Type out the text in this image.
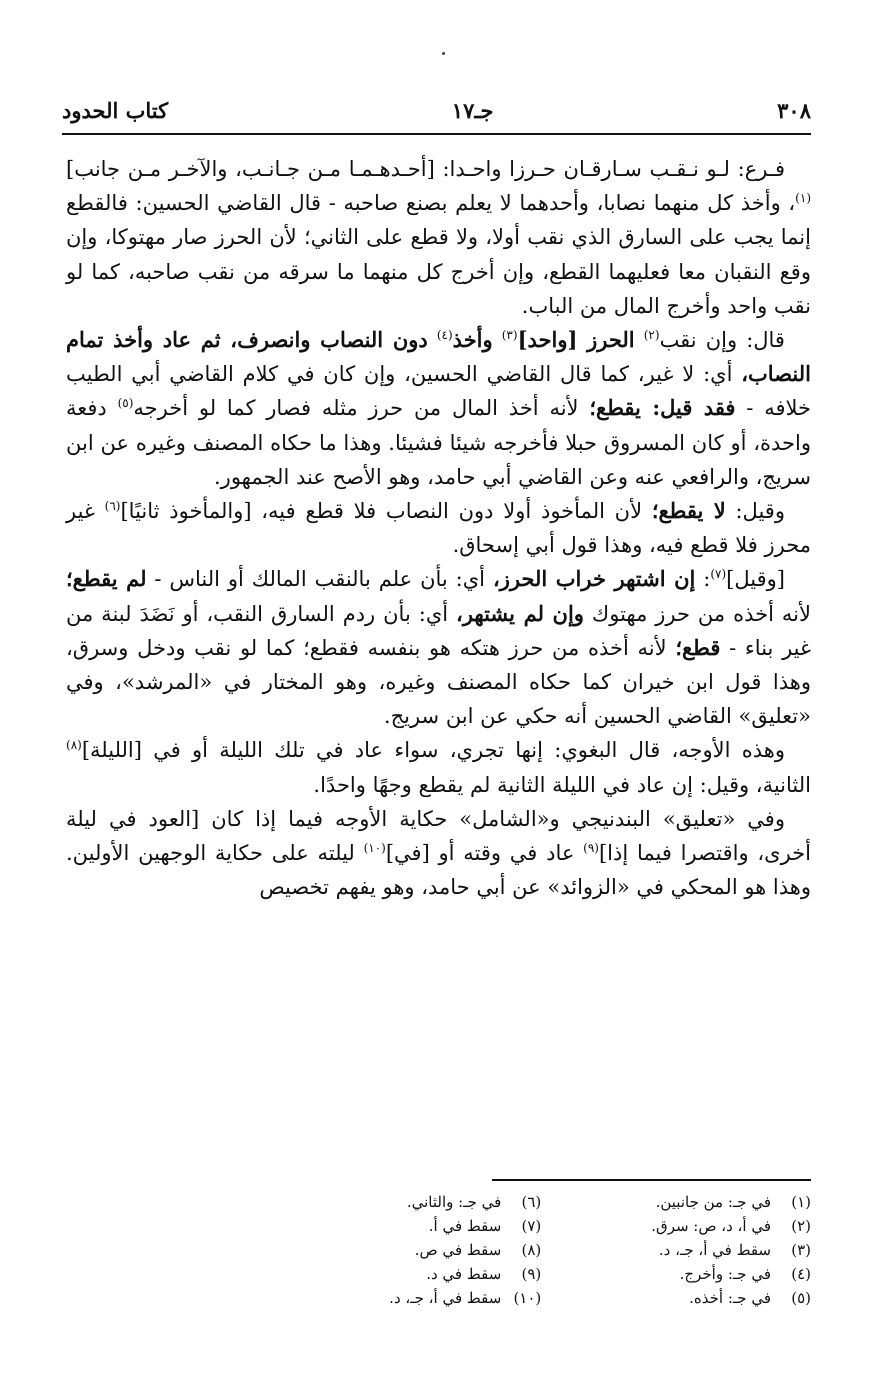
٣٠٨
جـ١٧
كتاب الحدود

فـرع: لـو نـقـب سـارقـان حـرزا واحـدا: [أحـدهـمـا مـن جـانـب، والآخـر مـن جانب]$^{(١)}$، وأخذ كل منهما نصابا، وأحدهما لا يعلم بصنع صاحبه - قال القاضي الحسين: فالقطع إنما يجب على السارق الذي نقب أولا، ولا قطع على الثاني؛ لأن الحرز صار مهتوكا، وإن وقع النقبان معا فعليهما القطع، وإن أخرج كل منهما ما سرقه من نقب صاحبه، كما لو نقب واحد وأخرج المال من الباب.

قال: وإن نقب$^{(٢)}$ الحرز [واحد]$^{(٣)}$ وأخذ$^{(٤)}$ دون النصاب وانصرف، ثم عاد وأخذ تمام النصاب، أي: لا غير، كما قال القاضي الحسين، وإن كان في كلام القاضي أبي الطيب خلافه - فقد قيل: يقطع؛ لأنه أخذ المال من حرز مثله فصار كما لو أخرجه$^{(٥)}$ دفعة واحدة، أو كان المسروق حبلا فأخرجه شيئا فشيئا. وهذا ما حكاه المصنف وغيره عن ابن سريج، والرافعي عنه وعن القاضي أبي حامد، وهو الأصح عند الجمهور.

وقيل: لا يقطع؛ لأن المأخوذ أولا دون النصاب فلا قطع فيه، [والمأخوذ ثانيًا]$^{(٦)}$ غير محرز فلا قطع فيه، وهذا قول أبي إسحاق.

[وقيل]$^{(٧)}$: إن اشتهر خراب الحرز، أي: بأن علم بالنقب المالك أو الناس - لم يقطع؛ لأنه أخذه من حرز مهتوك وإن لم يشتهر، أي: بأن ردم السارق النقب، أو نَضَدَ لبنة من غير بناء - قطع؛ لأنه أخذه من حرز هتكه هو بنفسه فقطع؛ كما لو نقب ودخل وسرق، وهذا قول ابن خيران كما حكاه المصنف وغيره، وهو المختار في «المرشد»، وفي «تعليق» القاضي الحسين أنه حكي عن ابن سريج.

وهذه الأوجه، قال البغوي: إنها تجري، سواء عاد في تلك الليلة أو في [الليلة]$^{(٨)}$ الثانية، وقيل: إن عاد في الليلة الثانية لم يقطع وجهًا واحدًا.

وفي «تعليق» البندنيجي و«الشامل» حكاية الأوجه فيما إذا كان [العود في ليلة أخرى، واقتصرا فيما إذا]$^{(٩)}$ عاد في وقته أو [في]$^{(١٠)}$ ليلته على حكاية الوجهين الأولين. وهذا هو المحكي في «الزوائد» عن أبي حامد، وهو يفهم تخصيص

(١)في جـ: من جانبين.
(٢)في أ، د، ص: سرق.
(٣)سقط في أ، جـ، د.
(٤)في جـ: وأخرج.
(٥)في جـ: أخذه.
(٦)في جـ: والثاني.
(٧)سقط في أ.
(٨)سقط في ص.
(٩)سقط في د.
(١٠)سقط في أ، جـ، د.
